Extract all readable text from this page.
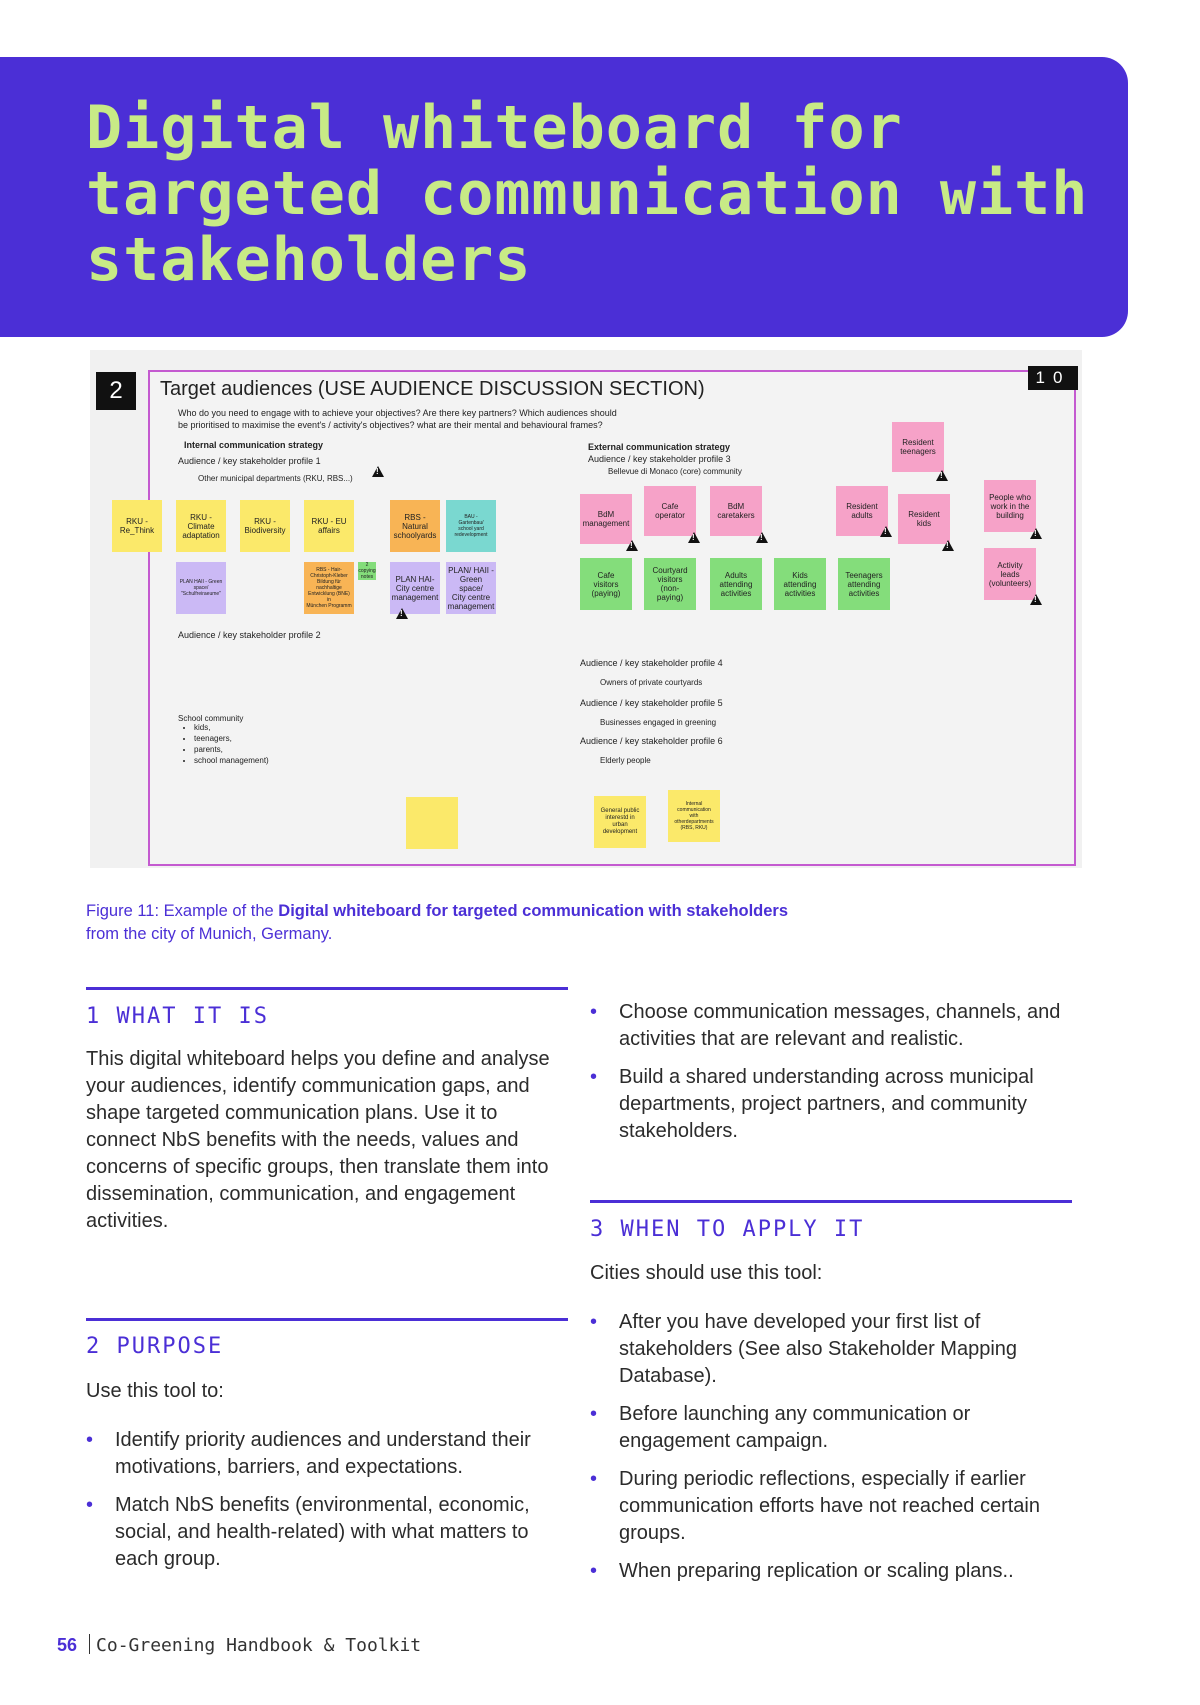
Digital whiteboard for targeted communication with stakeholders
2	10
Target audiences (USE AUDIENCE DISCUSSION SECTION)
Who do you need to engage with to achieve your objectives? Are there key partners? Which audiences should
be prioritised to maximise the event's / activity's objectives? what are their mental and behavioural frames?
Internal communication strategy
Audience / key stakeholder profile 1
Other municipal departments (RKU, RBS...)
!
RKU -
Re_Think
RKU -
Climate
adaptation
RKU -
Biodiversity
RKU - EU
affairs
RBS -
Natural
schoolyards
BAU -
Gartenbau/
school yard
redevelopment
PLAN HAII - Green
space/
"Schulfreiraeume"
RBS - Hair-
Christoph-Kleber
Bildung für
nachhaltige
Entwicklung (BNE) in
München Programm
2
copying
notes	PLAN HAI-
City centre
management
PLAN/ HAII -
Green space/
City centre
management
!
Audience / key stakeholder profile 2
School community
• kids,
• teenagers,
• parents,
• school management)
External communication strategy
Audience / key stakeholder profile 3
Bellevue di Monaco (core) community
BdM
management
Cafe
operator
BdM
caretakers
Resident
adults	Resident
kids
Resident
teenagers
People who
work in the
building
Activity
leads
(volunteers)
!
!
!
!
!
!
!
!
Cafe
visitors
(paying)
Courtyard
visitors
(non-
paying)
Adults
attending
activities
Kids
attending
activities
Teenagers
attending
activities
Audience / key stakeholder profile 4
Owners of private courtyards
Audience / key stakeholder profile 5
Businesses engaged in greening
Audience / key stakeholder profile 6
Elderly people
General public
interestd in
urban
development
Internal
communication
with
otherdepartments
(RBS, RKU)
Figure 11: Example of the Digital whiteboard for targeted communication with stakeholders
from the city of Munich, Germany.
1 WHAT IT IS
This digital whiteboard helps you define and analyse your audiences, identify communication gaps, and shape targeted communication plans. Use it to connect NbS benefits with the needs, values and concerns of specific groups, then translate them into dissemination, communication, and engagement activities.
2 PURPOSE
Use this tool to:
• Identify priority audiences and understand their motivations, barriers, and expectations.
• Match NbS benefits (environmental, economic, social, and health-related) with what matters to each group.
• Choose communication messages, channels, and activities that are relevant and realistic.
• Build a shared understanding across municipal departments, project partners, and community stakeholders.
3 WHEN TO APPLY IT
Cities should use this tool:
• After you have developed your first list of stakeholders (See also Stakeholder Mapping Database).
• Before launching any communication or engagement campaign.
• During periodic reflections, especially if earlier communication efforts have not reached certain groups.
• When preparing replication or scaling plans..
56 Co-Greening Handbook & Toolkit
